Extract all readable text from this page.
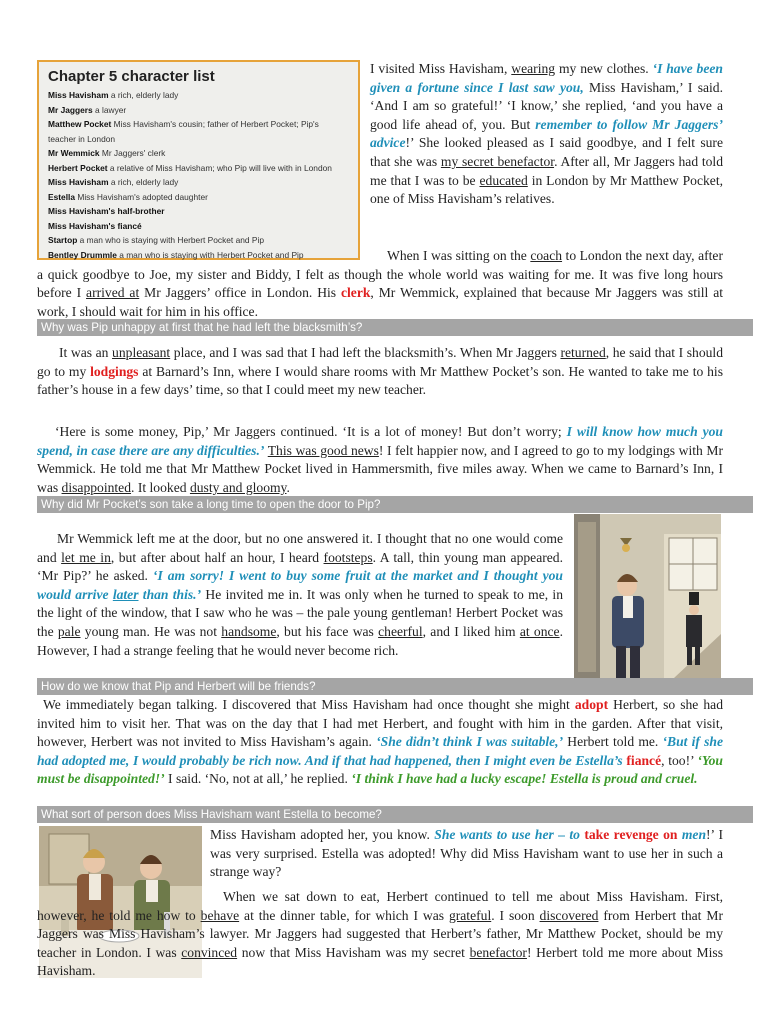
Chapter 5 character list
Miss Havisham a rich, elderly lady
Mr Jaggers a lawyer
Matthew Pocket Miss Havisham's cousin; father of Herbert Pocket; Pip's
teacher in London
Mr Wemmick Mr Jaggers' clerk
Herbert Pocket a relative of Miss Havisham; who Pip will live with in London
Miss Havisham a rich, elderly lady
Estella Miss Havisham's adopted daughter
Miss Havisham's half-brother
Miss Havisham's fiancé
Startop a man who is staying with Herbert Pocket and Pip
Bentley Drummle a man who is staying with Herbert Pocket and Pip

I visited Miss Havisham, wearing my new clothes. ‘I have been given a fortune since I last saw you, Miss Havisham,’ I said. ‘And I am so grateful!’ ‘I know,’ she replied, ‘and you have a good life ahead of, you. But remember to follow Mr Jaggers’ advice!’ She looked pleased as I said goodbye, and I felt sure that she was my secret benefactor. After all, Mr Jaggers had told me that I was to be educated in London by Mr Matthew Pocket, one of Miss Havisham’s relatives.

When I was sitting on the coach to London the next day, after a quick goodbye to Joe, my sister and Biddy, I felt as though the whole world was waiting for me. It was five long hours before I arrived at Mr Jaggers’ office in London. His clerk, Mr Wemmick, explained that because Mr Jaggers was still at work, I should wait for him in his office.

Why was Pip unhappy at first that he had left the blacksmith’s?

It was an unpleasant place, and I was sad that I had left the blacksmith’s. When Mr Jaggers returned, he said that I should go to my lodgings at Barnard’s Inn, where I would share rooms with Mr Matthew Pocket’s son. He wanted to take me to his father’s house in a few days’ time, so that I could meet my new teacher.

‘Here is some money, Pip,’ Mr Jaggers continued. ‘It is a lot of money! But don’t worry; I will know how much you spend, in case there are any difficulties.’ This was good news! I felt happier now, and I agreed to go to my lodgings with Mr Wemmick. He told me that Mr Matthew Pocket lived in Hammersmith, five miles away. When we came to Barnard’s Inn, I was disappointed. It looked dusty and gloomy.

Why did Mr Pocket’s son take a long time to open the door to Pip?

Mr Wemmick left me at the door, but no one answered it. I thought that no one would come and let me in, but after about half an hour, I heard footsteps. A tall, thin young man appeared. ‘Mr Pip?’ he asked. ‘I am sorry! I went to buy some fruit at the market and I thought you would arrive later than this.’ He invited me in. It was only when he turned to speak to me, in the light of the window, that I saw who he was – the pale young gentleman! Herbert Pocket was the pale young man. He was not handsome, but his face was cheerful, and I liked him at once. However, I had a strange feeling that he would never become rich.

How do we know that Pip and Herbert will be friends?

We immediately began talking. I discovered that Miss Havisham had once thought she might adopt Herbert, so she had invited him to visit her. That was on the day that I had met Herbert, and fought with him in the garden. After that visit, however, Herbert was not invited to Miss Havisham’s again. ‘She didn’t think I was suitable,’ Herbert told me. ‘But if she had adopted me, I would probably be rich now. And if that had happened, then I might even be Estella’s fiancé, too!’ ‘You must be disappointed!’ I said. ‘No, not at all,’ he replied. ‘I think I have had a lucky escape! Estella is proud and cruel.

What sort of person does Miss Havisham want Estella to become?

Miss Havisham adopted her, you know. She wants to use her – to take revenge on men!’ I was very surprised. Estella was adopted! Why did Miss Havisham want to use her in such a strange way?

When we sat down to eat, Herbert continued to tell me about Miss Havisham. First, however, he told me how to behave at the dinner table, for which I was grateful. I soon discovered from Herbert that Mr Jaggers was Miss Havisham’s lawyer. Mr Jaggers had suggested that Herbert’s father, Mr Matthew Pocket, should be my teacher in London. I was convinced now that Miss Havisham was my secret benefactor! Herbert told me more about Miss Havisham.
